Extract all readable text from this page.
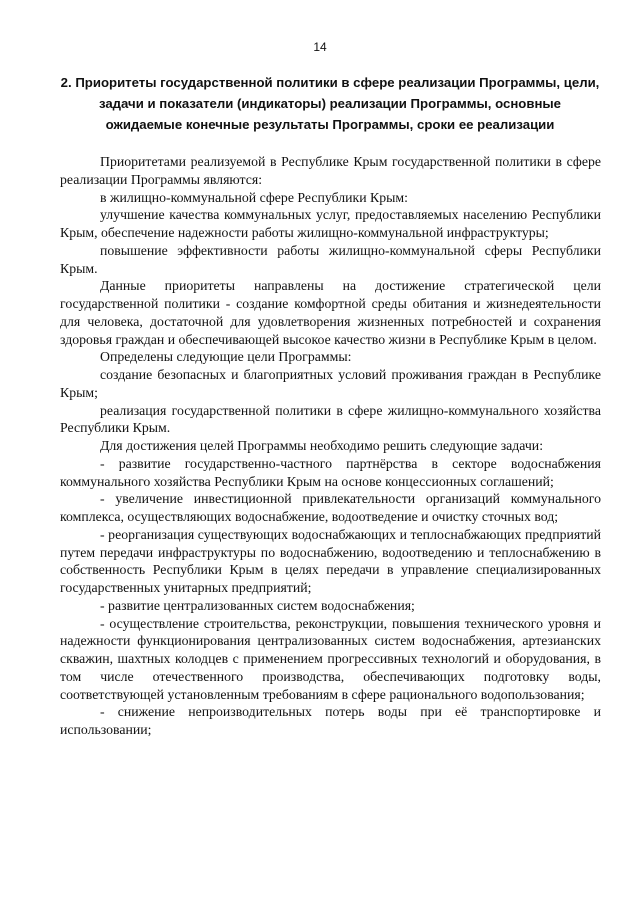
14
2. Приоритеты государственной политики в сфере реализации Программы, цели, задачи и показатели (индикаторы) реализации Программы, основные ожидаемые конечные результаты Программы, сроки ее реализации

Приоритетами реализуемой в Республике Крым государственной политики в сфере реализации Программы являются:

в жилищно-коммунальной сфере Республики Крым:

улучшение качества коммунальных услуг, предоставляемых населению Республики Крым, обеспечение надежности работы жилищно-коммунальной инфраструктуры;

повышение эффективности работы жилищно-коммунальной сферы Республики Крым.

Данные приоритеты направлены на достижение стратегической цели государственной политики - создание комфортной среды обитания и жизнедеятельности для человека, достаточной для удовлетворения жизненных потребностей и сохранения здоровья граждан и обеспечивающей высокое качество жизни в Республике Крым в целом.

Определены следующие цели Программы:

создание безопасных и благоприятных условий проживания граждан в Республике Крым;

реализация государственной политики в сфере жилищно-коммунального хозяйства Республики Крым.

Для достижения целей Программы необходимо решить следующие задачи:

- развитие государственно-частного партнёрства в секторе водоснабжения коммунального хозяйства Республики Крым на основе концессионных соглашений;

- увеличение инвестиционной привлекательности организаций коммунального комплекса, осуществляющих водоснабжение, водоотведение и очистку сточных вод;

- реорганизация существующих водоснабжающих и теплоснабжающих предприятий путем передачи инфраструктуры по водоснабжению, водоотведению и теплоснабжению в собственность Республики Крым в целях передачи в управление специализированных государственных унитарных предприятий;

- развитие централизованных систем водоснабжения;

- осуществление строительства, реконструкции, повышения технического уровня и надежности функционирования централизованных систем водоснабжения, артезианских скважин, шахтных колодцев с применением прогрессивных технологий и оборудования, в том числе отечественного производства, обеспечивающих подготовку воды, соответствующей установленным требованиям в сфере рационального водопользования;

- снижение непроизводительных потерь воды при её транспортировке и использовании;
